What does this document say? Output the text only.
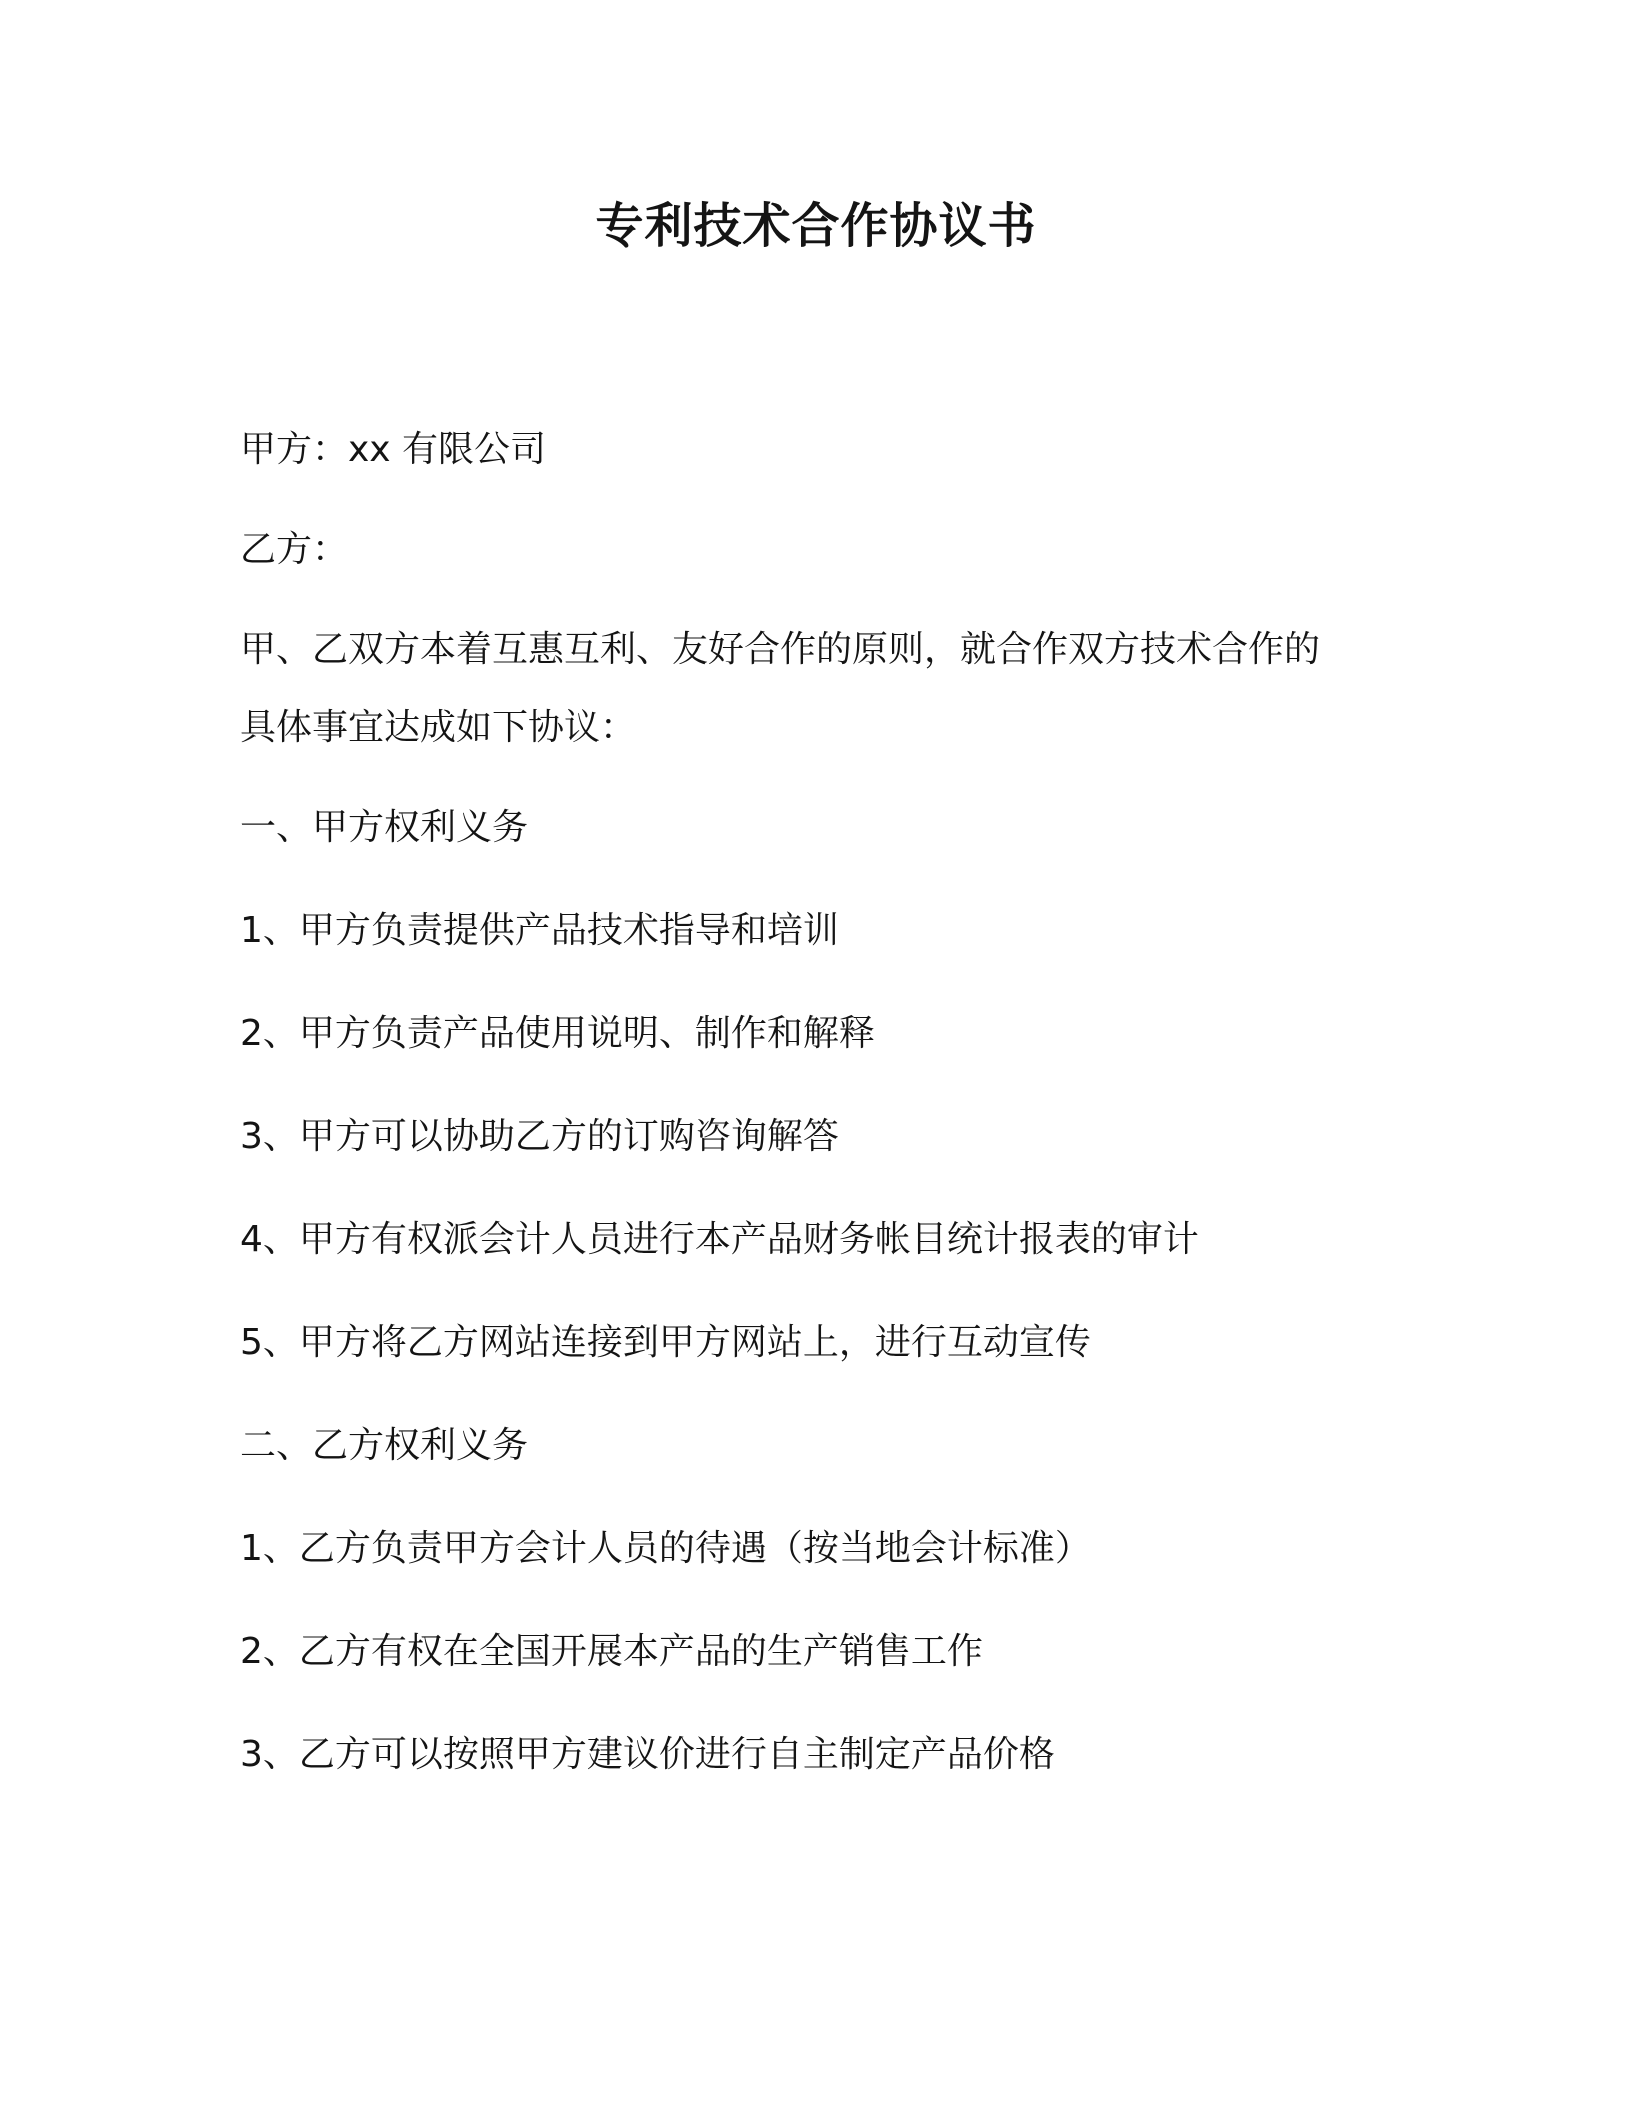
专利技术合作协议书

甲方：xx 有限公司

乙方：

甲、乙双方本着互惠互利、友好合作的原则，就合作双方技术合作的

具体事宜达成如下协议：

一、甲方权利义务

1、甲方负责提供产品技术指导和培训

2、甲方负责产品使用说明、制作和解释

3、甲方可以协助乙方的订购咨询解答

4、甲方有权派会计人员进行本产品财务帐目统计报表的审计

5、甲方将乙方网站连接到甲方网站上，进行互动宣传

二、乙方权利义务

1、乙方负责甲方会计人员的待遇（按当地会计标准）

2、乙方有权在全国开展本产品的生产销售工作

3、乙方可以按照甲方建议价进行自主制定产品价格
